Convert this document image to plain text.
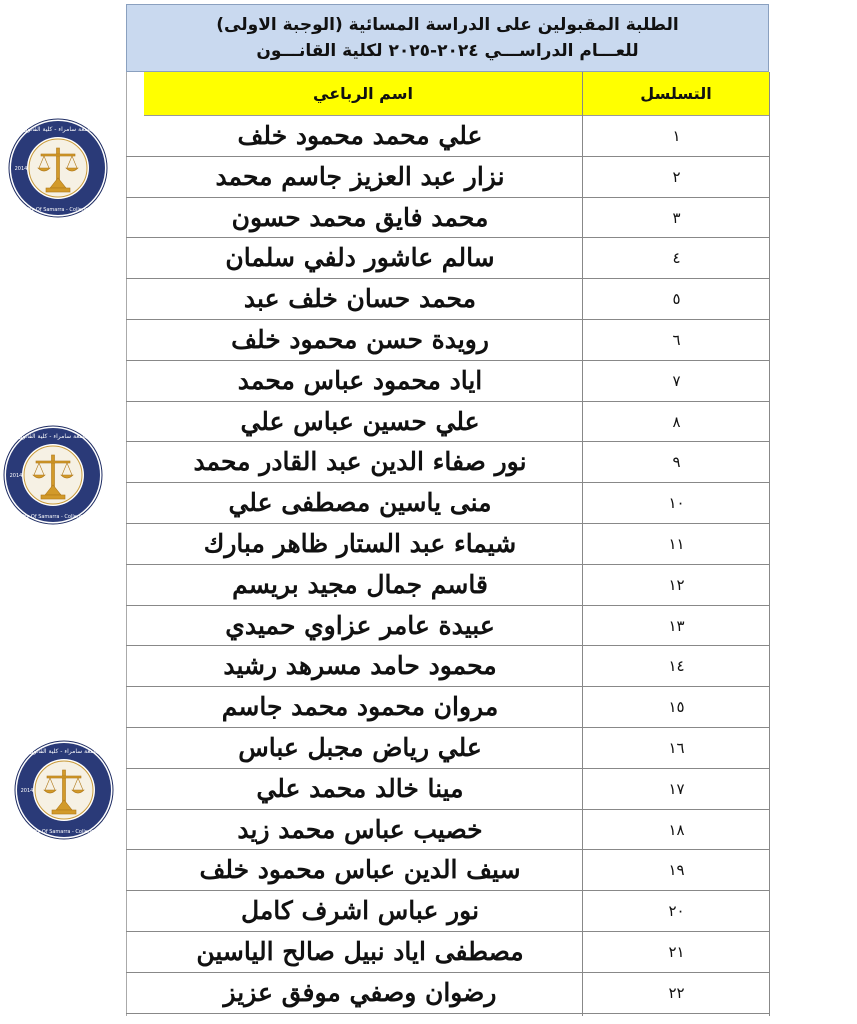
الطلبة المقبولين على الدراسة المسائية (الوجبة الاولى)
للعـــام الدراســـي ٢٠٢٤-٢٠٢٥ لكلية القانـــون
التسلسل
اسم الرباعي
١
علي محمد محمود خلف
٢
نزار عبد العزيز جاسم محمد
٣
محمد فايق محمد حسون
٤
سالم عاشور دلفي سلمان
٥
محمد حسان خلف عبد
٦
رويدة حسن محمود خلف
٧
اياد محمود عباس محمد
٨
علي حسين عباس علي
٩
نور صفاء الدين عبد القادر محمد
١٠
منى ياسين مصطفى علي
١١
شيماء عبد الستار ظاهر مبارك
١٢
قاسم جمال مجيد بريسم
١٣
عبيدة عامر عزاوي حميدي
١٤
محمود حامد مسرهد رشيد
١٥
مروان محمود محمد جاسم
١٦
علي رياض مجبل عباس
١٧
مينا خالد محمد علي
١٨
خصيب عباس محمد زيد
١٩
سيف الدين عباس محمود خلف
٢٠
نور عباس اشرف كامل
٢١
مصطفى اياد نبيل صالح الياسين
٢٢
رضوان وصفي موفق عزيز
جامعة سامراء - كلية القانون
University Of Samarra - College Of Law
2014
جامعة سامراء - كلية القانون
University Of Samarra - College Of Law
2014
جامعة سامراء - كلية القانون
University Of Samarra - College Of Law
2014
